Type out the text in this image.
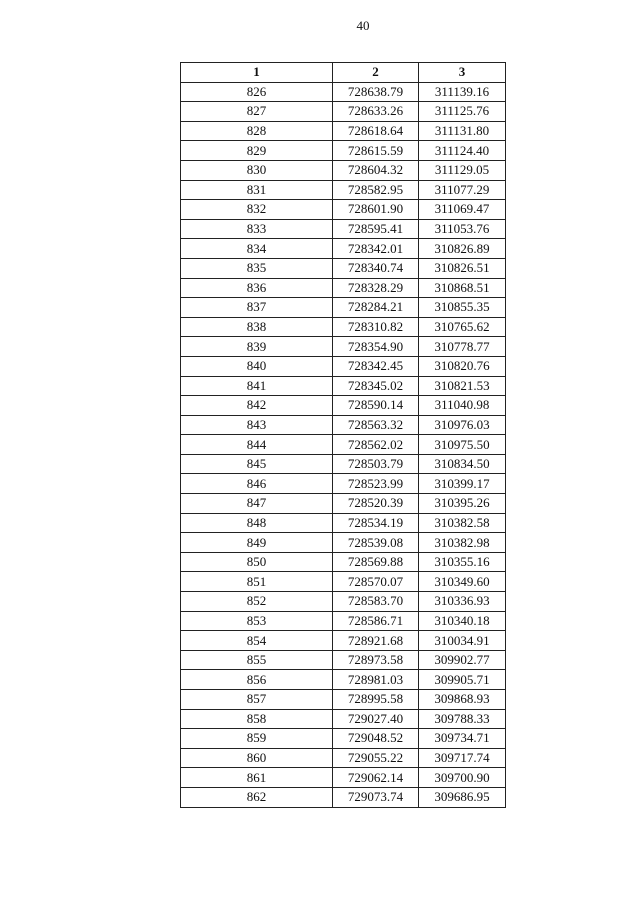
40
1	2	3
826	728638.79	311139.16
827	728633.26	311125.76
828	728618.64	311131.80
829	728615.59	311124.40
830	728604.32	311129.05
831	728582.95	311077.29
832	728601.90	311069.47
833	728595.41	311053.76
834	728342.01	310826.89
835	728340.74	310826.51
836	728328.29	310868.51
837	728284.21	310855.35
838	728310.82	310765.62
839	728354.90	310778.77
840	728342.45	310820.76
841	728345.02	310821.53
842	728590.14	311040.98
843	728563.32	310976.03
844	728562.02	310975.50
845	728503.79	310834.50
846	728523.99	310399.17
847	728520.39	310395.26
848	728534.19	310382.58
849	728539.08	310382.98
850	728569.88	310355.16
851	728570.07	310349.60
852	728583.70	310336.93
853	728586.71	310340.18
854	728921.68	310034.91
855	728973.58	309902.77
856	728981.03	309905.71
857	728995.58	309868.93
858	729027.40	309788.33
859	729048.52	309734.71
860	729055.22	309717.74
861	729062.14	309700.90
862	729073.74	309686.95
